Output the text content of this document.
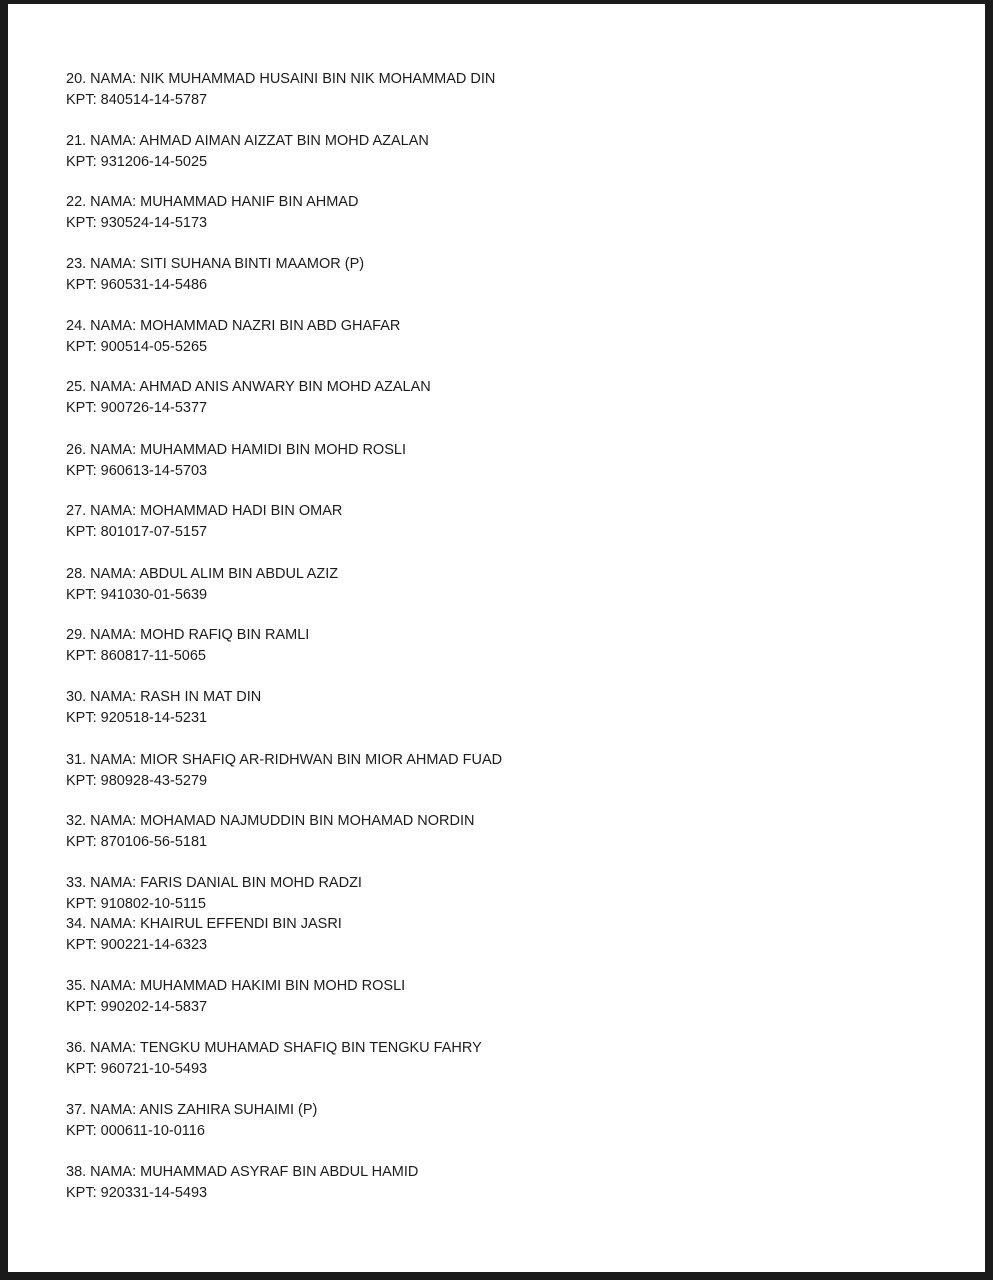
20. NAMA: NIK MUHAMMAD HUSAINI BIN NIK MOHAMMAD DIN
KPT: 840514-14-5787
21. NAMA: AHMAD AIMAN AIZZAT BIN MOHD AZALAN
KPT: 931206-14-5025
22. NAMA: MUHAMMAD HANIF BIN AHMAD
KPT: 930524-14-5173
23. NAMA: SITI SUHANA BINTI MAAMOR (P)
KPT: 960531-14-5486
24. NAMA: MOHAMMAD NAZRI BIN ABD GHAFAR
KPT: 900514-05-5265
25. NAMA: AHMAD ANIS ANWARY BIN MOHD AZALAN
KPT: 900726-14-5377
26. NAMA: MUHAMMAD HAMIDI BIN MOHD ROSLI
KPT: 960613-14-5703
27. NAMA: MOHAMMAD HADI BIN OMAR
KPT: 801017-07-5157
28. NAMA: ABDUL ALIM BIN ABDUL AZIZ
KPT: 941030-01-5639
29. NAMA: MOHD RAFIQ BIN RAMLI
KPT: 860817-11-5065
30. NAMA: RASH IN MAT DIN
KPT: 920518-14-5231
31. NAMA: MIOR SHAFIQ AR-RIDHWAN BIN MIOR AHMAD FUAD
KPT: 980928-43-5279
32. NAMA: MOHAMAD NAJMUDDIN BIN MOHAMAD NORDIN
KPT: 870106-56-5181
33. NAMA: FARIS DANIAL BIN MOHD RADZI
KPT: 910802-10-5115
34. NAMA: KHAIRUL EFFENDI BIN JASRI
KPT: 900221-14-6323
35. NAMA: MUHAMMAD HAKIMI BIN MOHD ROSLI
KPT: 990202-14-5837
36. NAMA: TENGKU MUHAMAD SHAFIQ BIN TENGKU FAHRY
KPT: 960721-10-5493
37. NAMA: ANIS ZAHIRA SUHAIMI (P)
KPT: 000611-10-0116
38. NAMA: MUHAMMAD ASYRAF BIN ABDUL HAMID
KPT: 920331-14-5493
